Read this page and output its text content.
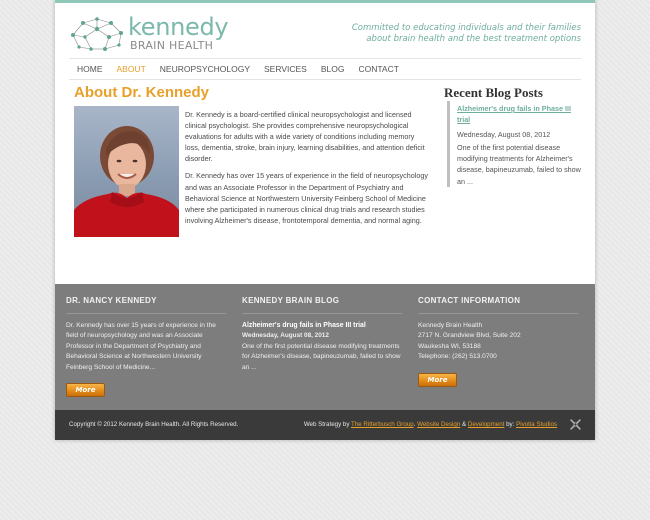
kennedy
BRAIN HEALTH
Committed to educating individuals and their families
about brain health and the best treatment options
HOME ABOUT NEUROPSYCHOLOGY SERVICES BLOG CONTACT
About Dr. Kennedy

Dr. Kennedy is a board-certified clinical neuropsychologist and licensed clinical psychologist. She provides comprehensive neuropsychological evaluations for adults with a wide variety of conditions including memory loss, dementia, stroke, brain injury, learning disabilities, and attention deficit disorder.

Dr. Kennedy has over 15 years of experience in the field of neuropsychology and was an Associate Professor in the Department of Psychiatry and Behavioral Science at Northwestern University Feinberg School of Medicine where she participated in numerous clinical drug trials and research studies involving Alzheimer's disease, frontotemporal dementia, and normal aging.

Recent Blog Posts
Alzheimer's drug fails in Phase III trial
Wednesday, August 08, 2012
One of the first potential disease modifying treatments for Alzheimer's disease, bapineuzumab, failed to show an ...
DR. NANCY KENNEDY

Dr. Kennedy has over 15 years of experience in the field of neuropsychology and was an Associate Professor in the Department of Psychiatry and Behavioral Science at Northwestern University Feinberg School of Medicine...

More
KENNEDY BRAIN BLOG

Alzheimer's drug fails in Phase III trial

Wednesday, August 08, 2012

One of the first potential disease modifying treatments for Alzheimer's disease, bapineuzumab, failed to show an ...

CONTACT INFORMATION

Kennedy Brain Health

2717 N. Grandview Blvd, Suite 202

Waukesha WI, 53188

Telephone: (262) 513.0700

More
Copyright © 2012 Kennedy Brain Health. All Rights Reserved.	Web Strategy by The Ritterbusch Group. Website Design & Development by: Pivotia Studios
